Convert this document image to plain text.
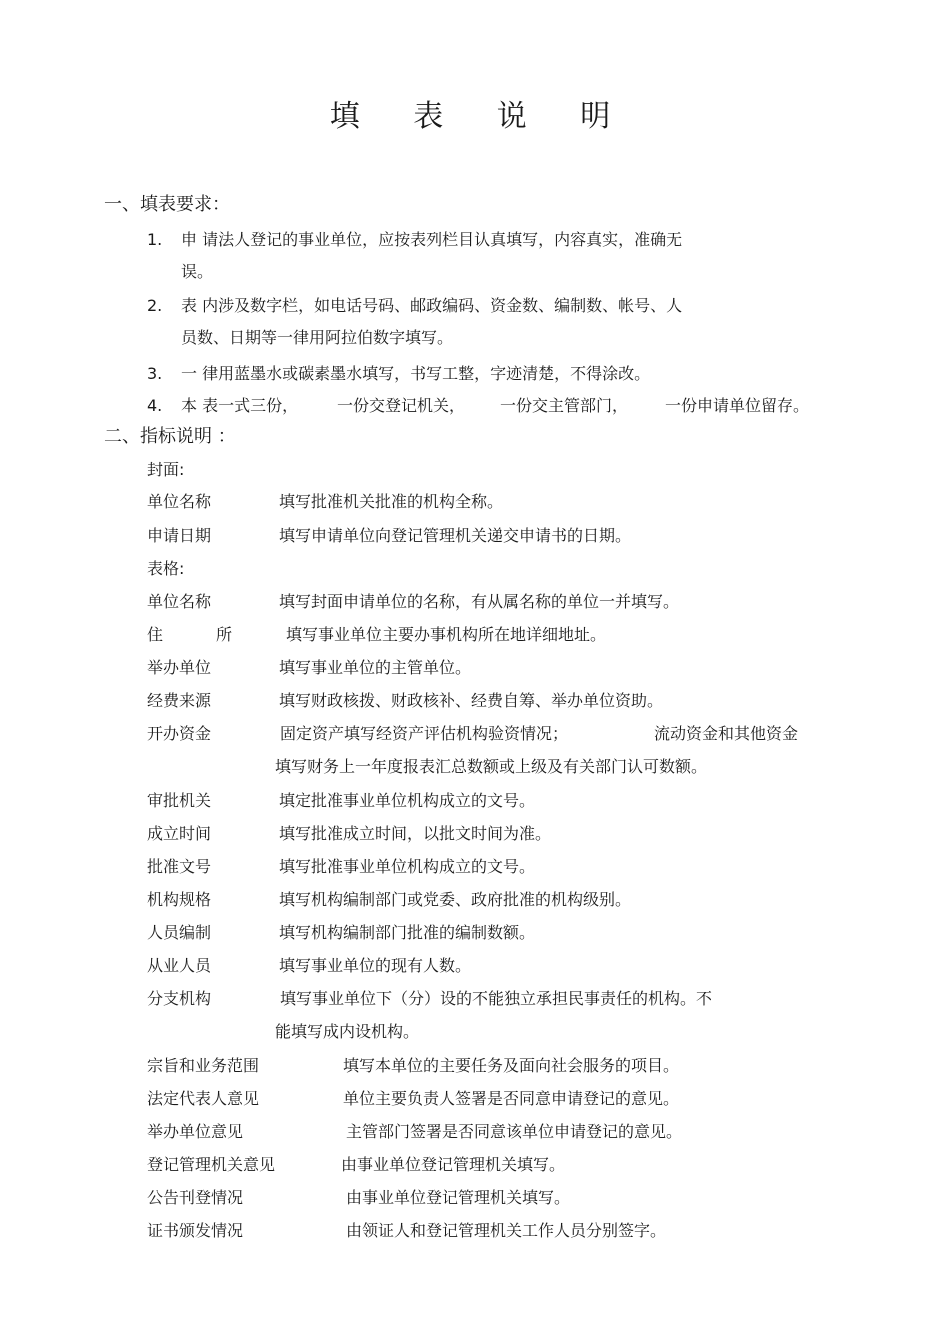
填 表 说 明
一、填表要求：
1. 申 请法人登记的事业单位，应按表列栏目认真填写，内容真实，准确无
误。
2. 表 内涉及数字栏，如电话号码、邮政编码、资金数、编制数、帐号、人
员数、日期等一律用阿拉伯数字填写。
3. 一 律用蓝墨水或碳素墨水填写，书写工整，字迹清楚，不得涂改。
4. 本 表一式三份， 一份交登记机关， 一份交主管部门， 一份申请单位留存。
二、指标说明 ：
封面:
单位名称	填写批准机关批准的机构全称。
申请日期	填写申请单位向登记管理机关递交申请书的日期。
表格:
单位名称	填写封面申请单位的名称，有从属名称的单位一并填写。
住	所	填写事业单位主要办事机构所在地详细地址。
举办单位	填写事业单位的主管单位。
经费来源	填写财政核拨、财政核补、经费自筹、举办单位资助。
开办资金	固定资产填写经资产评估机构验资情况；	流动资金和其他资金
填写财务上一年度报表汇总数额或上级及有关部门认可数额。
审批机关	填定批准事业单位机构成立的文号。
成立时间	填写批准成立时间，以批文时间为准。
批准文号	填写批准事业单位机构成立的文号。
机构规格	填写机构编制部门或党委、政府批准的机构级别。
人员编制	填写机构编制部门批准的编制数额。
从业人员	填写事业单位的现有人数。
分支机构	填写事业单位下（分）设的不能独立承担民事责任的机构。不
能填写成内设机构。
宗旨和业务范围	填写本单位的主要任务及面向社会服务的项目。
法定代表人意见	单位主要负责人签署是否同意申请登记的意见。
举办单位意见	主管部门签署是否同意该单位申请登记的意见。
登记管理机关意见	由事业单位登记管理机关填写。
公告刊登情况	由事业单位登记管理机关填写。
证书颁发情况	由领证人和登记管理机关工作人员分别签字。
